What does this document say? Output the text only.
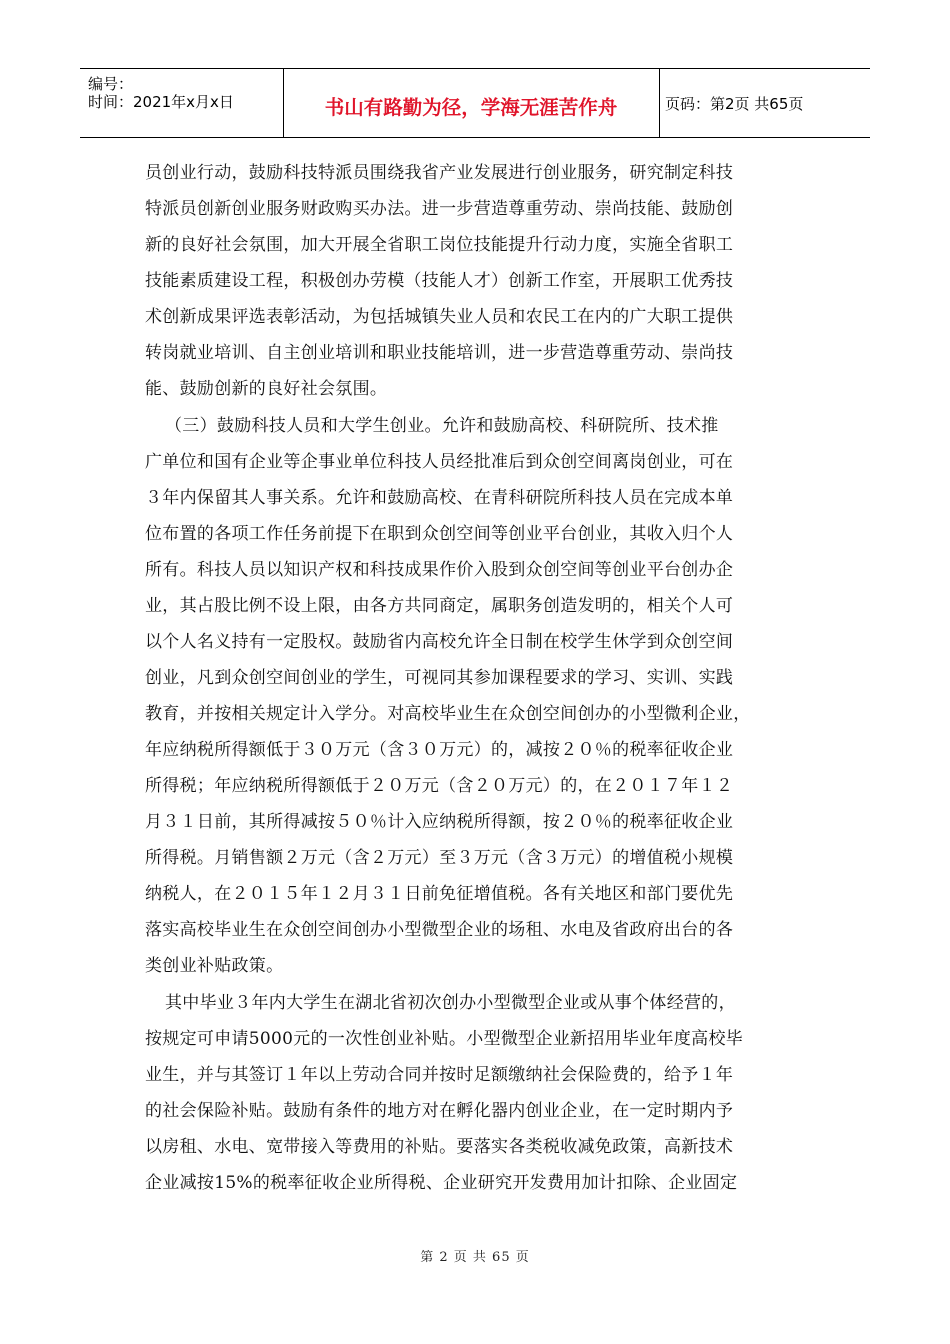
编号：
时间：2021年x月x日	书山有路勤为径，学海无涯苦作舟	页码：第2页 共65页
员创业行动，鼓励科技特派员围绕我省产业发展进行创业服务，研究制定科技
特派员创新创业服务财政购买办法。进一步营造尊重劳动、崇尚技能、鼓励创
新的良好社会氛围，加大开展全省职工岗位技能提升行动力度，实施全省职工
技能素质建设工程，积极创办劳模（技能人才）创新工作室，开展职工优秀技
术创新成果评选表彰活动，为包括城镇失业人员和农民工在内的广大职工提供
转岗就业培训、自主创业培训和职业技能培训，进一步营造尊重劳动、崇尚技
能、鼓励创新的良好社会氛围。
（三）鼓励科技人员和大学生创业。允许和鼓励高校、科研院所、技术推
广单位和国有企业等企事业单位科技人员经批准后到众创空间离岗创业，可在
３年内保留其人事关系。允许和鼓励高校、在青科研院所科技人员在完成本单
位布置的各项工作任务前提下在职到众创空间等创业平台创业，其收入归个人
所有。科技人员以知识产权和科技成果作价入股到众创空间等创业平台创办企
业，其占股比例不设上限，由各方共同商定，属职务创造发明的，相关个人可
以个人名义持有一定股权。鼓励省内高校允许全日制在校学生休学到众创空间
创业，凡到众创空间创业的学生，可视同其参加课程要求的学习、实训、实践
教育，并按相关规定计入学分。对高校毕业生在众创空间创办的小型微利企业，
年应纳税所得额低于３０万元（含３０万元）的，减按２０％的税率征收企业
所得税；年应纳税所得额低于２０万元（含２０万元）的，在２０１７年１２
月３１日前，其所得减按５０％计入应纳税所得额，按２０％的税率征收企业
所得税。月销售额２万元（含２万元）至３万元（含３万元）的增值税小规模
纳税人，在２０１５年１２月３１日前免征增值税。各有关地区和部门要优先
落实高校毕业生在众创空间创办小型微型企业的场租、水电及省政府出台的各
类创业补贴政策。
其中毕业３年内大学生在湖北省初次创办小型微型企业或从事个体经营的，
按规定可申请5000元的一次性创业补贴。小型微型企业新招用毕业年度高校毕
业生，并与其签订１年以上劳动合同并按时足额缴纳社会保险费的，给予１年
的社会保险补贴。鼓励有条件的地方对在孵化器内创业企业，在一定时期内予
以房租、水电、宽带接入等费用的补贴。要落实各类税收减免政策，高新技术
企业减按15%的税率征收企业所得税、企业研究开发费用加计扣除、企业固定
第 2 页 共 65 页
